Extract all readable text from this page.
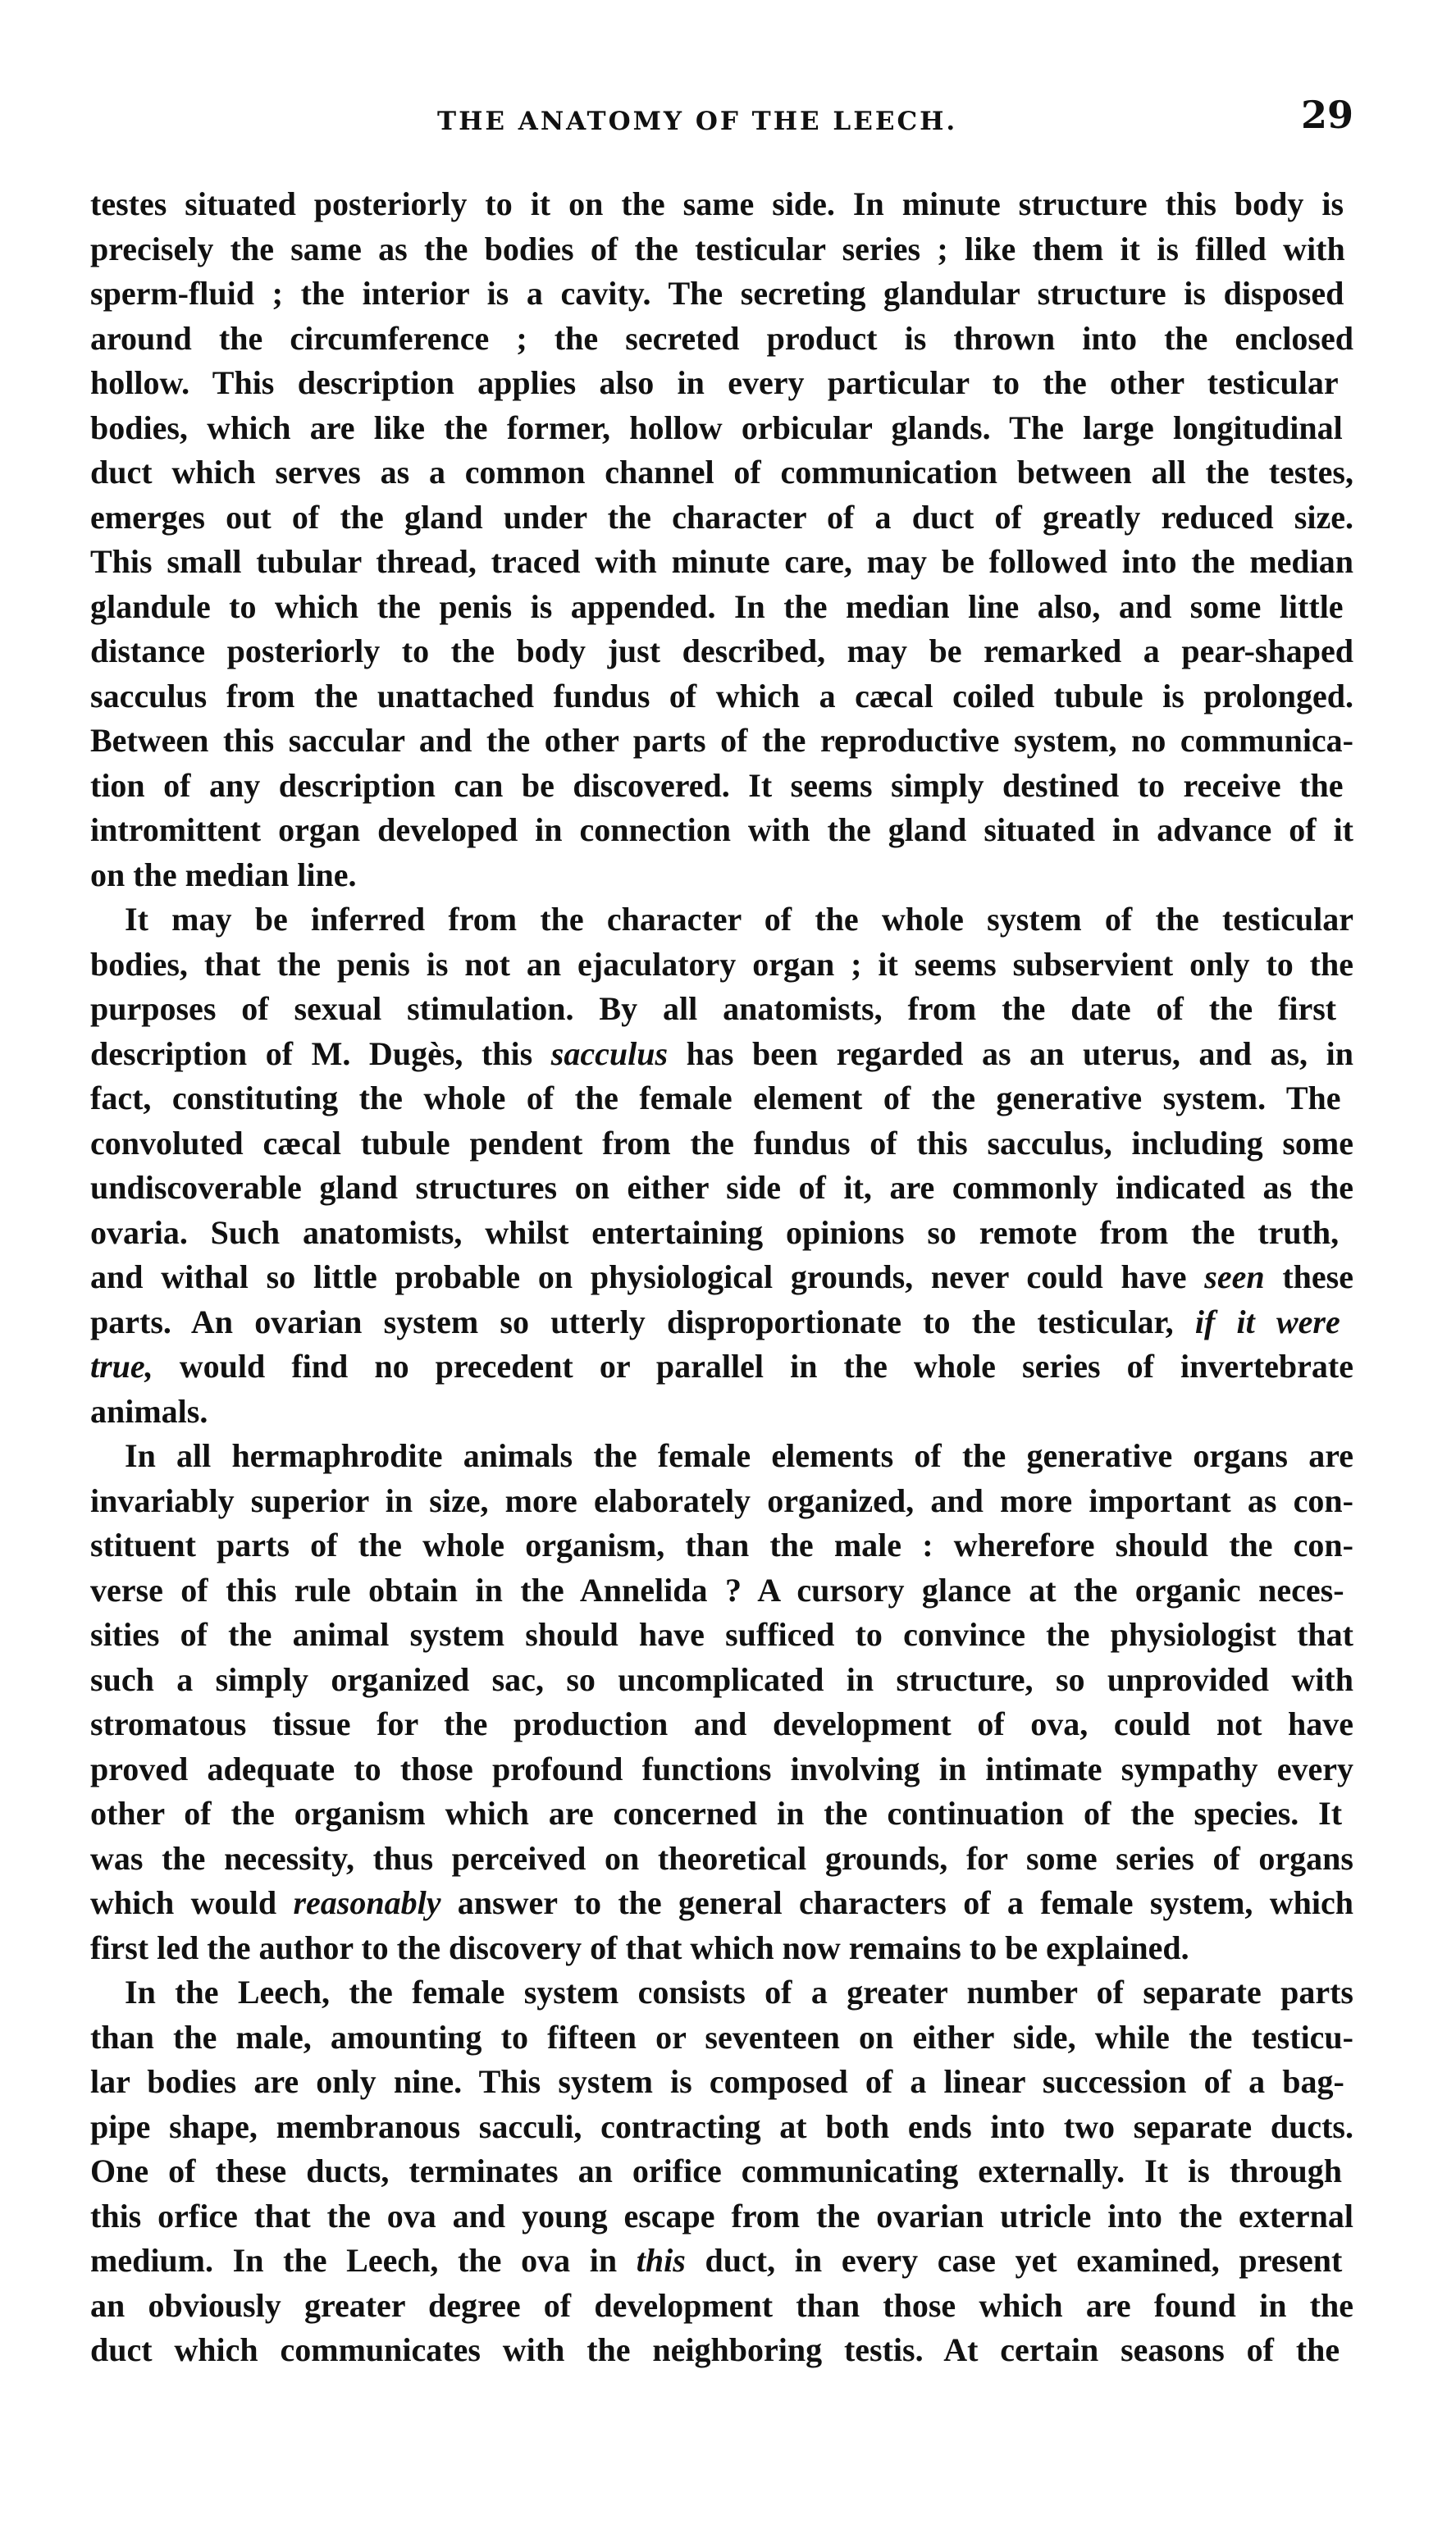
THE ANATOMY OF THE LEECH.	29
testes situated posteriorly to it on the same side. In minute structure this body is
precisely the same as the bodies of the testicular series ; like them it is filled with
sperm-fluid ; the interior is a cavity. The secreting glandular structure is disposed
around the circumference ; the secreted product is thrown into the enclosed
hollow. This description applies also in every particular to the other testicular
bodies, which are like the former, hollow orbicular glands. The large longitudinal
duct which serves as a common channel of communication between all the testes,
emerges out of the gland under the character of a duct of greatly reduced size.
This small tubular thread, traced with minute care, may be followed into the median
glandule to which the penis is appended. In the median line also, and some little
distance posteriorly to the body just described, may be remarked a pear-shaped
sacculus from the unattached fundus of which a cæcal coiled tubule is prolonged.
Between this saccular and the other parts of the reproductive system, no communica-
tion of any description can be discovered. It seems simply destined to receive the
intromittent organ developed in connection with the gland situated in advance of it
on the median line.
It may be inferred from the character of the whole system of the testicular
bodies, that the penis is not an ejaculatory organ ; it seems subservient only to the
purposes of sexual stimulation. By all anatomists, from the date of the first
description of M. Dugès, this sacculus has been regarded as an uterus, and as, in
fact, constituting the whole of the female element of the generative system. The
convoluted cæcal tubule pendent from the fundus of this sacculus, including some
undiscoverable gland structures on either side of it, are commonly indicated as the
ovaria. Such anatomists, whilst entertaining opinions so remote from the truth,
and withal so little probable on physiological grounds, never could have seen these
parts. An ovarian system so utterly disproportionate to the testicular, if it were
true, would find no precedent or parallel in the whole series of invertebrate
animals.
In all hermaphrodite animals the female elements of the generative organs are
invariably superior in size, more elaborately organized, and more important as con-
stituent parts of the whole organism, than the male : wherefore should the con-
verse of this rule obtain in the Annelida ? A cursory glance at the organic neces-
sities of the animal system should have sufficed to convince the physiologist that
such a simply organized sac, so uncomplicated in structure, so unprovided with
stromatous tissue for the production and development of ova, could not have
proved adequate to those profound functions involving in intimate sympathy every
other of the organism which are concerned in the continuation of the species. It
was the necessity, thus perceived on theoretical grounds, for some series of organs
which would reasonably answer to the general characters of a female system, which
first led the author to the discovery of that which now remains to be explained.
In the Leech, the female system consists of a greater number of separate parts
than the male, amounting to fifteen or seventeen on either side, while the testicu-
lar bodies are only nine. This system is composed of a linear succession of a bag-
pipe shape, membranous sacculi, contracting at both ends into two separate ducts.
One of these ducts, terminates an orifice communicating externally. It is through
this orfice that the ova and young escape from the ovarian utricle into the external
medium. In the Leech, the ova in this duct, in every case yet examined, present
an obviously greater degree of development than those which are found in the
duct which communicates with the neighboring testis. At certain seasons of the
